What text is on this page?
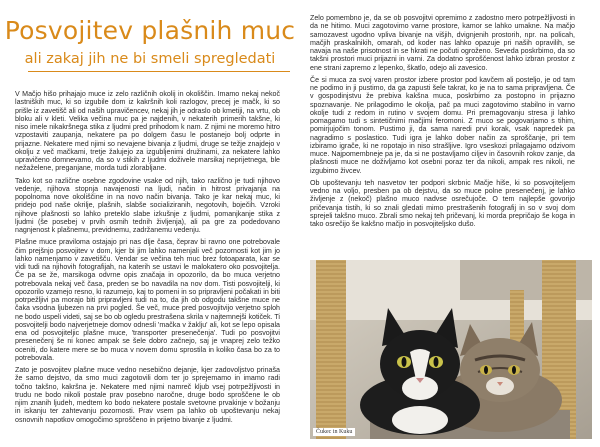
Posvojitev plašnih muc
ali zakaj jih ne bi smeli spregledati

V Mačjo hišo prihajajo muce iz zelo različnih okolij in okoliščin. Imamo nekaj nekoč lastniških muc, ki so izgubile dom iz kakršnih koli razlogov, precej je mačk, ki so prišle iz zavetišč ali od naših upravičencev, nekaj jih je odraslo ob kmetiji, na vrtu, ob bloku ali v kleti. Velika večina muc pa je najdenih, v nekaterih primerih takšne, ki niso imele nikakršnega stika z ljudmi pred prihodom k nam. Z njimi ne moremo hitro vzpostaviti zaupanja, nekatere pa po dolgem času le postanejo bolj odprte in prijazne. Nekatere med njimi so nevajene bivanja z ljudmi, druge se težje znajdejo v okolju z več mačkami, tretje žalujejo za izgubljenimi družinami, za nekatere lahko upravičeno domnevamo, da so v stikih z ljudmi doživele marsikaj neprijetnega, ble nežaželene, preganjane, morda tudi zlorabljane.

Tako kot so različne osebne zgodovine vsake od njih, tako različno je tudi njihovo vedenje, njihova stopnja navajenosti na ljudi, način in hitrost privajanja na popolnoma nove okoliščine in na novo način bivanja. Tako je kar nekaj muc, ki pridejo pod naše okrilje, plašnih, slabše socializiranih, negotovih, boječih. Vzroki njihove plašnosti so lahko preteklo slabe izkušnje z ljudmi, pomanjkanje stika z ljudmi (še posebej v prvih osmih tednih življenja), ali pa gre za podedovano nagnjenost k plašnemu, previdnemu, zadržanemu vedenju.

Plašne muce praviloma ostajajo pri nas dlje časa, čeprav bi ravno one potrebovale čim prejšnjo posvojitev v dom, kjer bi jim lahko namenjali več pozornosti kot jim jo lahko namenjamo v zavetišču. Vendar se večina teh muc brez fotoaparata, kar se vidi tudi na njihovih fotografijah, na katerih se ustavi le malokatero oko posvojitelja. Če pa se že, marsikoga odvrne opis značaja in opozorilo, da bo muca verjetno potrebovala nekaj več časa, preden se bo navadila na nov dom. Tisti posvojitelji, ki opozorilo vzamejo resno, ki razumejo, kaj to pomeni in so pripravljeni počakati in biti potrpežljivi pa morajo biti pripravljeni tudi na to, da jih ob odgodu takšne muce ne čaka vsodna ljubezen na prvi pogled. Še več, muce pred posvojitvijo verjetno sploh ne bodo uspeli videti, saj se bo ob ogledu prestrašena skrila v najtemnejši kotiček. Ti posvojitelji bodo najverjetneje domov odnesli 'mačka v žaklju' ali, kot se lepo opisala ena od posvojiteljic plašne muce, 'transporter presenečenja'. Tudi po posvojitvi presenečenj še ni konec ampak se šele dobro začnejo, saj je vnaprej zelo težko oceniti, do katere mere se bo muca v novem domu sprostila in koliko časa bo za to potrebovala.

Zato je posvojitev plašne muce vedno nesebično dejanje, kjer zadovoljstvo prinaša že samo dejstvo, da smo muci zagotovili dom ter jo sprejemamo in imamo radi točno takšno, kakršna je. Nekatere med njimi namreč kljub vsej potrpežljivosti in trudu ne bodo nikoli postale prav posebno naročne, druge bodo sproščene le ob njim znanih ljudeh, medtem ko bodo nekatere postale svetovne prvakinje v božanju in iskanju ter zahtevanju pozornosti. Prav vsem pa lahko ob upoštevanju nekaj osnovnih napotkov omogočimo sproščeno in prijetno bivanje z ljudmi.

Zelo pomembno je, da se ob posvojitvi opremimo z zadostno mero potrpežljivosti in da ne hitimo. Muci zagotovimo varne prostore, kamor se lahko umakne. Na mačjo samozavest ugodno vpliva bivanje na višjih, dvignjenih prostorih, npr. na policah, mačjih praskalnikih, omarah, od koder nas lahko opazuje pri naših opravilih, se navaja na naše prisotnost in se hkrati ne počuti ogroženo. Seveda poskrbimo, da so takšni prostori muci prijazni in varni. Za dodatno sproščenost lahko izbran prostor z ene strani zapremo z lepenko, škatlo, odejo ali zavesico.

Če si muca za svoj varen prostor izbere prostor pod kavčem ali posteljo, je od tam ne podimo in ji pustimo, da ga zapusti šele takrat, ko je na to sama pripravljena. Če v gospodinjstvu že prebiva kakšna muca, poskrbimo za postopno in prijazno spoznavanje. Ne prilagodimo le okolja, pač pa muci zagotovimo stabilno in varno okolje tudi z redom in rutino v svojem domu. Pri premagovanju stresa ji lahko pomagamo tudi s sintetičnimi mačjimi feromoni. Z muco se pogovarjamo s tihim, pomirjujočim tonom. Pustimo ji, da sama naredi prvi korak, vsak napredek pa nagradimo s poslastico. Tudi igra je lahko dober način za sproščanje, pri tem izbiramo igrače, ki ne ropotajo in niso strašljive. Igro vseskozi prilagajamo odzivom muce. Najpomembneje pa je, da si ne postavljamo ciljev in časovnih rokov zanje, da plašnosti muce ne doživljamo kot osebni poraz ter da nikoli, ampak res nikoli, ne izgubimo živcev.

Ob upoštevanju teh nasvetov ter podpori skrbnic Mačje hiše, ki so posvojiteljem vedno na voljo, presben pa ob dejstvu, da so muce polne presenečenj, je lahko življenje z (nekoč) plašno muco nadvse osrečujoče. O tem najlepše govorijo pričevanja tistih, ki so znali gledati mimo prestrašenih fotografij in so v svoj dom sprejeli takšno muco. Zbrali smo nekaj teh pričevanj, ki morda prepričajo še koga in tako osrečijo še kakšno mačjo in posvojiteljsko dušo.

Čukec in Kuku
